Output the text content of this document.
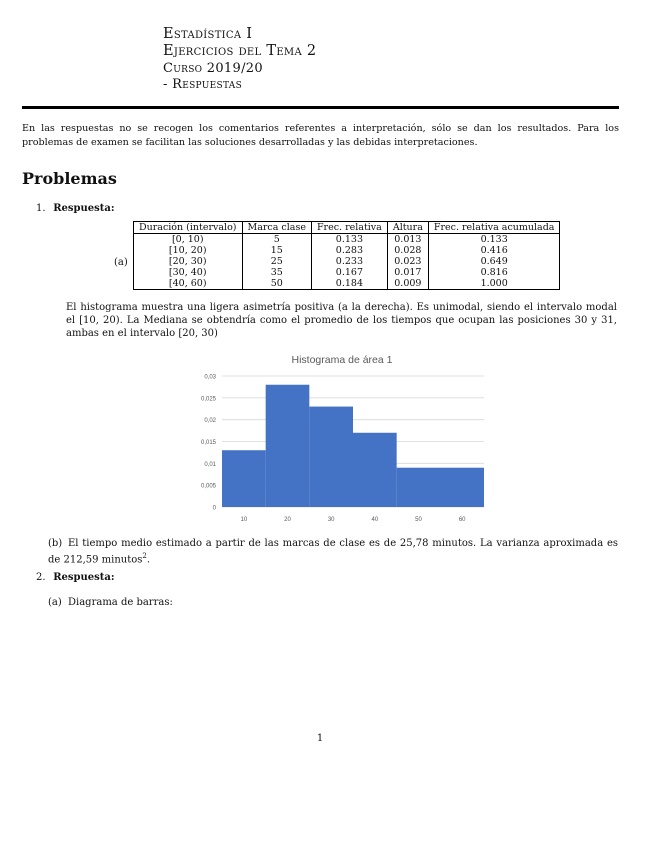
Estadística I
Ejercicios del Tema 2
Curso 2019/20
- Respuestas
En las respuestas no se recogen los comentarios referentes a interpretación, sólo se dan los resultados. Para los problemas de examen se facilitan las soluciones desarrolladas y las debidas interpretaciones.
Problemas
1. Respuesta:
(a)
Duración (intervalo)	Marca clase	Frec. relativa	Altura	Frec. relativa acumulada
[0, 10)	5	0.133	0.013	0.133
[10, 20)	15	0.283	0.028	0.416
[20, 30)	25	0.233	0.023	0.649
[30, 40)	35	0.167	0.017	0.816
[40, 60)	50	0.184	0.009	1.000
El histograma muestra una ligera asimetría positiva (a la derecha). Es unimodal, siendo el intervalo modal el [10, 20). La Mediana se obtendría como el promedio de los tiempos que ocupan las posiciones 30 y 31, ambas en el intervalo [20, 30)
Histograma de área 1
0
0,005
0,01
0,015
0,02
0,025
0,03
10	20	30	40	50	60
(b) El tiempo medio estimado a partir de las marcas de clase es de 25,78 minutos. La varianza aproximada es de 212,59 minutos$^2$.
2. Respuesta:
(a) Diagrama de barras:
1
